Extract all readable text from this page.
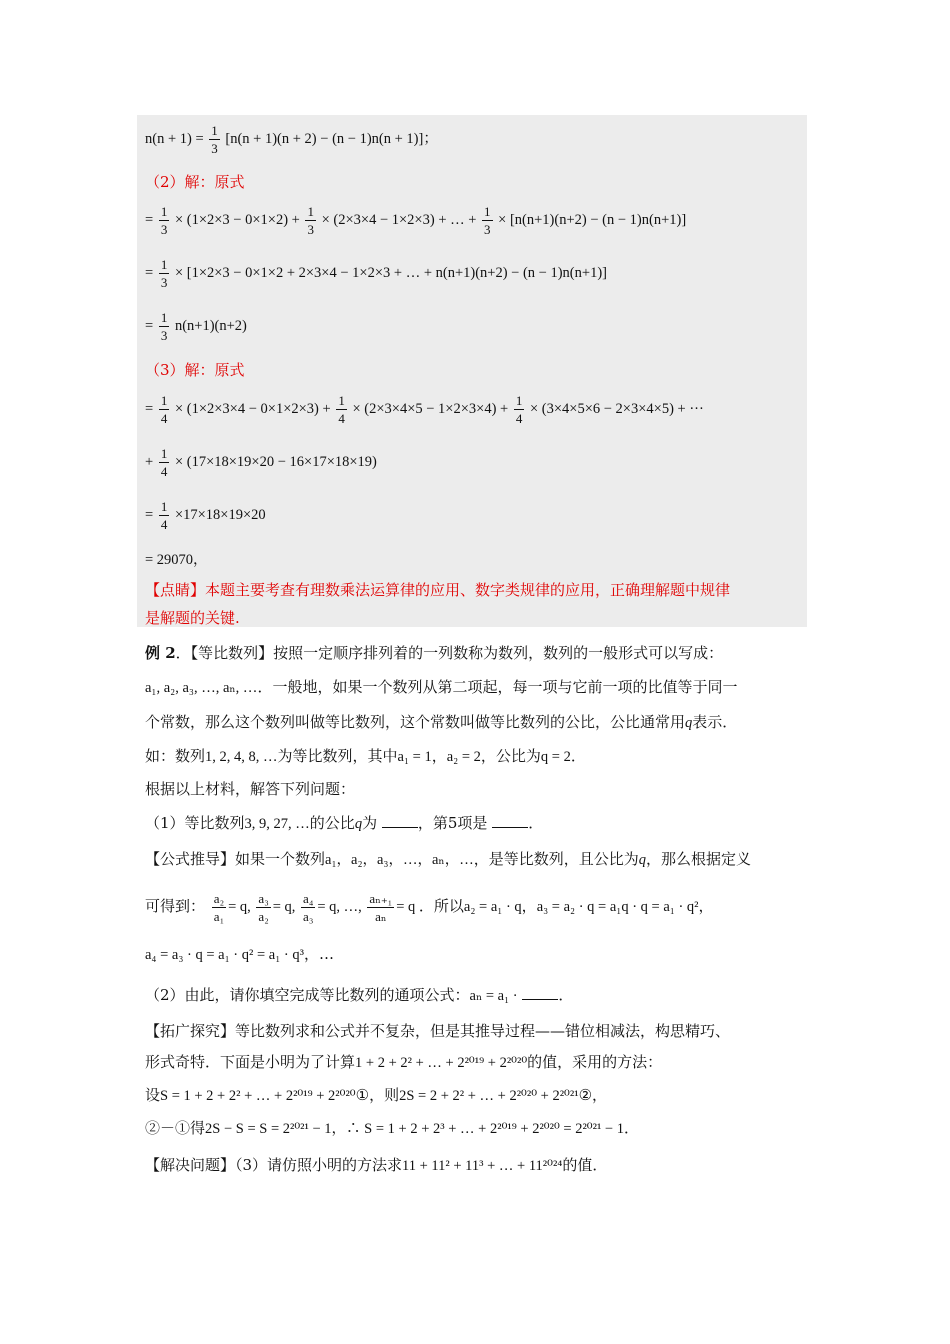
$n(n + 1) = \frac{1}{3} [n(n + 1)(n + 2) - (n - 1)n(n + 1)]$；
（2）解：原式
= $\frac{1}{3} \times (1\times 2\times 3 - 0\times 1\times 2) + \frac{1}{3} \times (2\times 3\times 4 - 1\times 2\times 3)$ + … + $\frac{1}{3} \times [n(n+1)(n+2) - (n - 1)n(n+1)]$
= $\frac{1}{3} \times [1\times 2\times 3 - 0\times 1\times 2 + 2\times 3\times 4 - 1\times 2\times 3$ + … + n(n+1)(n+2) − (n − 1)n(n+1)]
= $\frac{1}{3} n(n+1)(n+2)$
（3）解：原式
= $\frac{1}{4} \times (1\times 2\times 3\times 4 - 0\times 1\times 2\times 3) + \frac{1}{4} \times (2\times 3\times 4\times 5 - 1\times 2\times 3\times 4) + \frac{1}{4} \times (3\times 4\times 5\times 6 - 2\times 3\times 4\times 5)$ + ···
+ $\frac{1}{4} \times (17\times 18\times 19\times 20 - 16\times 17\times 18\times 19)$
= $\frac{1}{4} \times 17\times 18\times 19\times 20$
= 29070，
【点睛】本题主要考查有理数乘法运算律的应用、数字类规律的应用，正确理解题中规律
是解题的关键.
例 2．【等比数列】按照一定顺序排列着的一列数称为数列，数列的一般形式可以写成：
a₁, a₂, a₃, …, aₙ, …．一般地，如果一个数列从第二项起，每一项与它前一项的比值等于同一
个常数，那么这个数列叫做等比数列，这个常数叫做等比数列的公比，公比通常用q表示．
如：数列1, 2, 4, 8, …为等比数列，其中a₁ = 1，a₂ = 2，公比为q = 2．
根据以上材料，解答下列问题：
（1）等比数列3, 9, 27, …的公比q为	，第5项是	．
【公式推导】如果一个数列a₁，a₂，a₃，…，aₙ，…，是等比数列，且公比为q，那么根据定义
可得到： $\frac{\text{a₂}}{\text{a₁}} = q$, $\frac{\text{a₃}}{\text{a₂}} = q$, $\frac{\text{a₄}}{\text{a₃}} = q$, …, $\frac{\text{aₙ₊₁}}{\text{aₙ}} = q$ ．所以a₂ = a₁ · q，a₃ = a₂ · q = a₁q · q = a₁ · q²，
a₄ = a₃ · q = a₁ · q² = a₁ · q³，…
（2）由此，请你填空完成等比数列的通项公式：aₙ = a₁ ·	．
【拓广探究】等比数列求和公式并不复杂，但是其推导过程——错位相减法，构思精巧、
形式奇特．下面是小明为了计算1 + 2 + 2² + … + 2²⁰¹⁹ + 2²⁰²⁰的值，采用的方法：
设S = 1 + 2 + 2² + … + 2²⁰¹⁹ + 2²⁰²⁰①，则2S = 2 + 2² + … + 2²⁰²⁰ + 2²⁰²¹②，
②－①得2S − S = S = 2²⁰²¹ − 1，∴ S = 1 + 2 + 2³ + … + 2²⁰¹⁹ + 2²⁰²⁰ = 2²⁰²¹ − 1．
【解决问题】（3）请仿照小明的方法求11 + 11² + 11³ + … + 11²⁰²⁴的值．
